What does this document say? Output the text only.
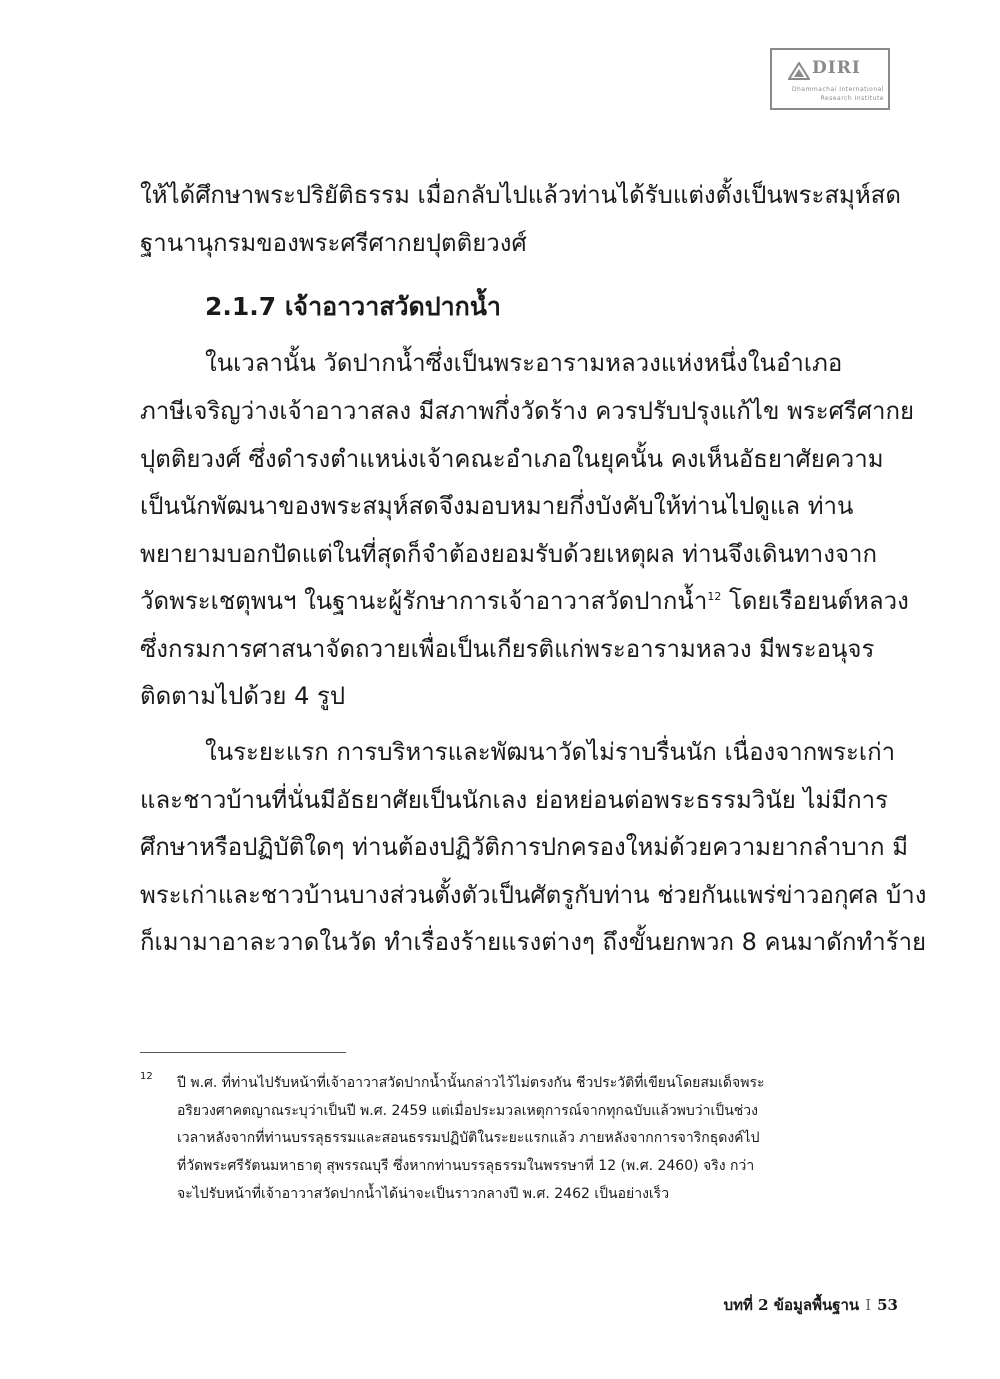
DIRI
Dhammachai International
Research Institute
ให้ได้ศึกษาพระปริยัติธรรม เมื่อกลับไปแล้วท่านได้รับแต่งตั้งเป็นพระสมุห์สด
ฐานานุกรมของพระศรีศากยปุตติยวงศ์
2.1.7 เจ้าอาวาสวัดปากน้ำ
ในเวลานั้น วัดปากน้ำซึ่งเป็นพระอารามหลวงแห่งหนึ่งในอำเภอ
ภาษีเจริญว่างเจ้าอาวาสลง มีสภาพกึ่งวัดร้าง ควรปรับปรุงแก้ไข พระศรีศากย
ปุตติยวงศ์ ซึ่งดำรงตำแหน่งเจ้าคณะอำเภอในยุคนั้น คงเห็นอัธยาศัยความ
เป็นนักพัฒนาของพระสมุห์สดจึงมอบหมายกึ่งบังคับให้ท่านไปดูแล ท่าน
พยายามบอกปัดแต่ในที่สุดก็จำต้องยอมรับด้วยเหตุผล ท่านจึงเดินทางจาก
วัดพระเชตุพนฯ ในฐานะผู้รักษาการเจ้าอาวาสวัดปากน้ำ$^{12}$ โดยเรือยนต์หลวง
ซึ่งกรมการศาสนาจัดถวายเพื่อเป็นเกียรติแก่พระอารามหลวง มีพระอนุจร
ติดตามไปด้วย 4 รูป
ในระยะแรก การบริหารและพัฒนาวัดไม่ราบรื่นนัก เนื่องจากพระเก่า
และชาวบ้านที่นั่นมีอัธยาศัยเป็นนักเลง ย่อหย่อนต่อพระธรรมวินัย ไม่มีการ
ศึกษาหรือปฏิบัติใดๆ ท่านต้องปฏิวัติการปกครองใหม่ด้วยความยากลำบาก มี
พระเก่าและชาวบ้านบางส่วนตั้งตัวเป็นศัตรูกับท่าน ช่วยกันแพร่ข่าวอกุศล บ้าง
ก็เมามาอาละวาดในวัด ทำเรื่องร้ายแรงต่างๆ ถึงขั้นยกพวก 8 คนมาดักทำร้าย
12 ปี พ.ศ. ที่ท่านไปรับหน้าที่เจ้าอาวาสวัดปากน้ำนั้นกล่าวไว้ไม่ตรงกัน ชีวประวัติที่เขียนโดยสมเด็จพระ
อริยวงศาคตญาณระบุว่าเป็นปี พ.ศ. 2459 แต่เมื่อประมวลเหตุการณ์จากทุกฉบับแล้วพบว่าเป็นช่วง
เวลาหลังจากที่ท่านบรรลุธรรมและสอนธรรมปฏิบัติในระยะแรกแล้ว ภายหลังจากการจาริกธุดงค์ไป
ที่วัดพระศรีรัตนมหาธาตุ สุพรรณบุรี ซึ่งหากท่านบรรลุธรรมในพรรษาที่ 12 (พ.ศ. 2460) จริง กว่า
จะไปรับหน้าที่เจ้าอาวาสวัดปากน้ำได้น่าจะเป็นราวกลางปี พ.ศ. 2462 เป็นอย่างเร็ว
บทที่ 2 ข้อมูลพื้นฐาน I 53
